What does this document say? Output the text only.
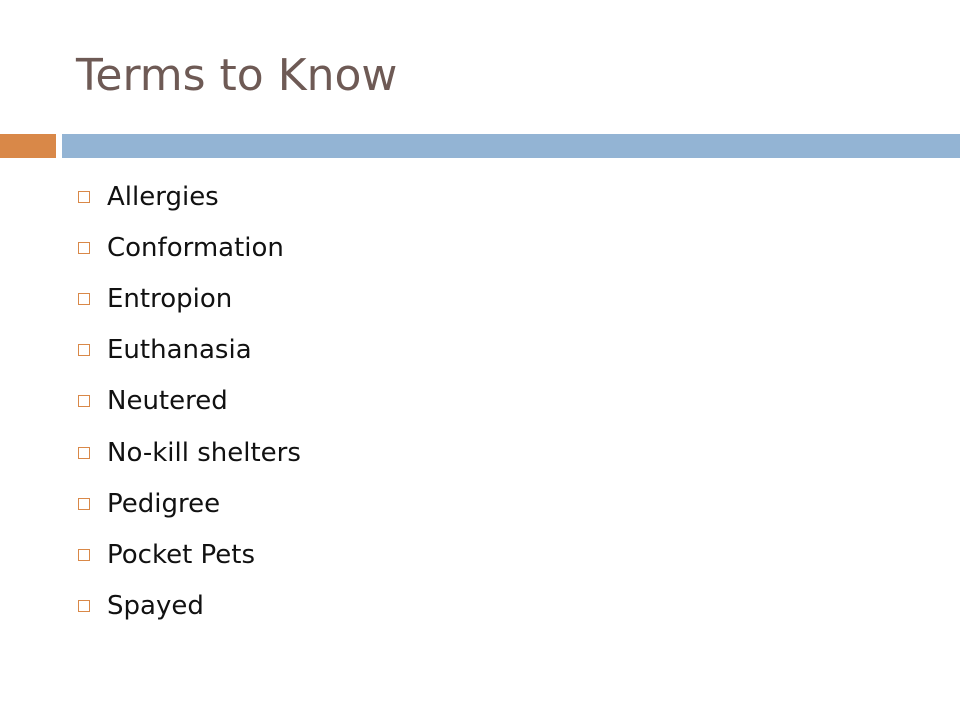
Terms to Know
Allergies
Conformation
Entropion
Euthanasia
Neutered
No-kill shelters
Pedigree
Pocket Pets
Spayed
